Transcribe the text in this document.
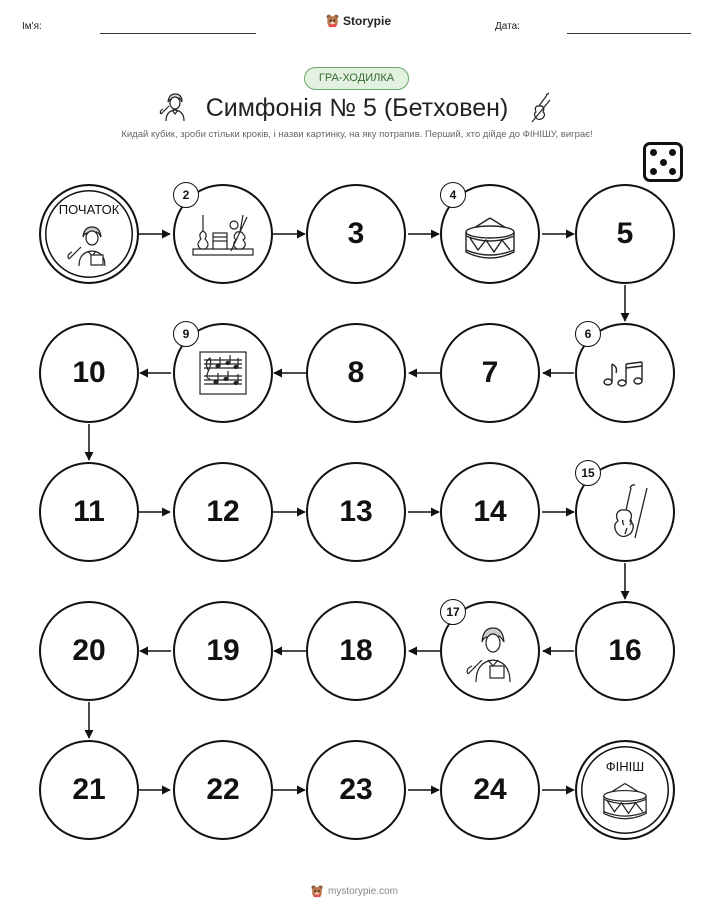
Ім'я:	Storypie	Дата:
ГРА-ХОДИЛКА
Симфонія № 5 (Бетховен)
Кидай кубик, зроби стільки кроків, і назви картинку, на яку потрапив. Перший, хто дійде до ФІНІШУ, виграє!
ПОЧАТОК
2
3
4
5
6
7
8
9
10
11	12	13	14
15
16
17
18
19
20
21	22	23	24
ФІНІШ
mystorypie.com
